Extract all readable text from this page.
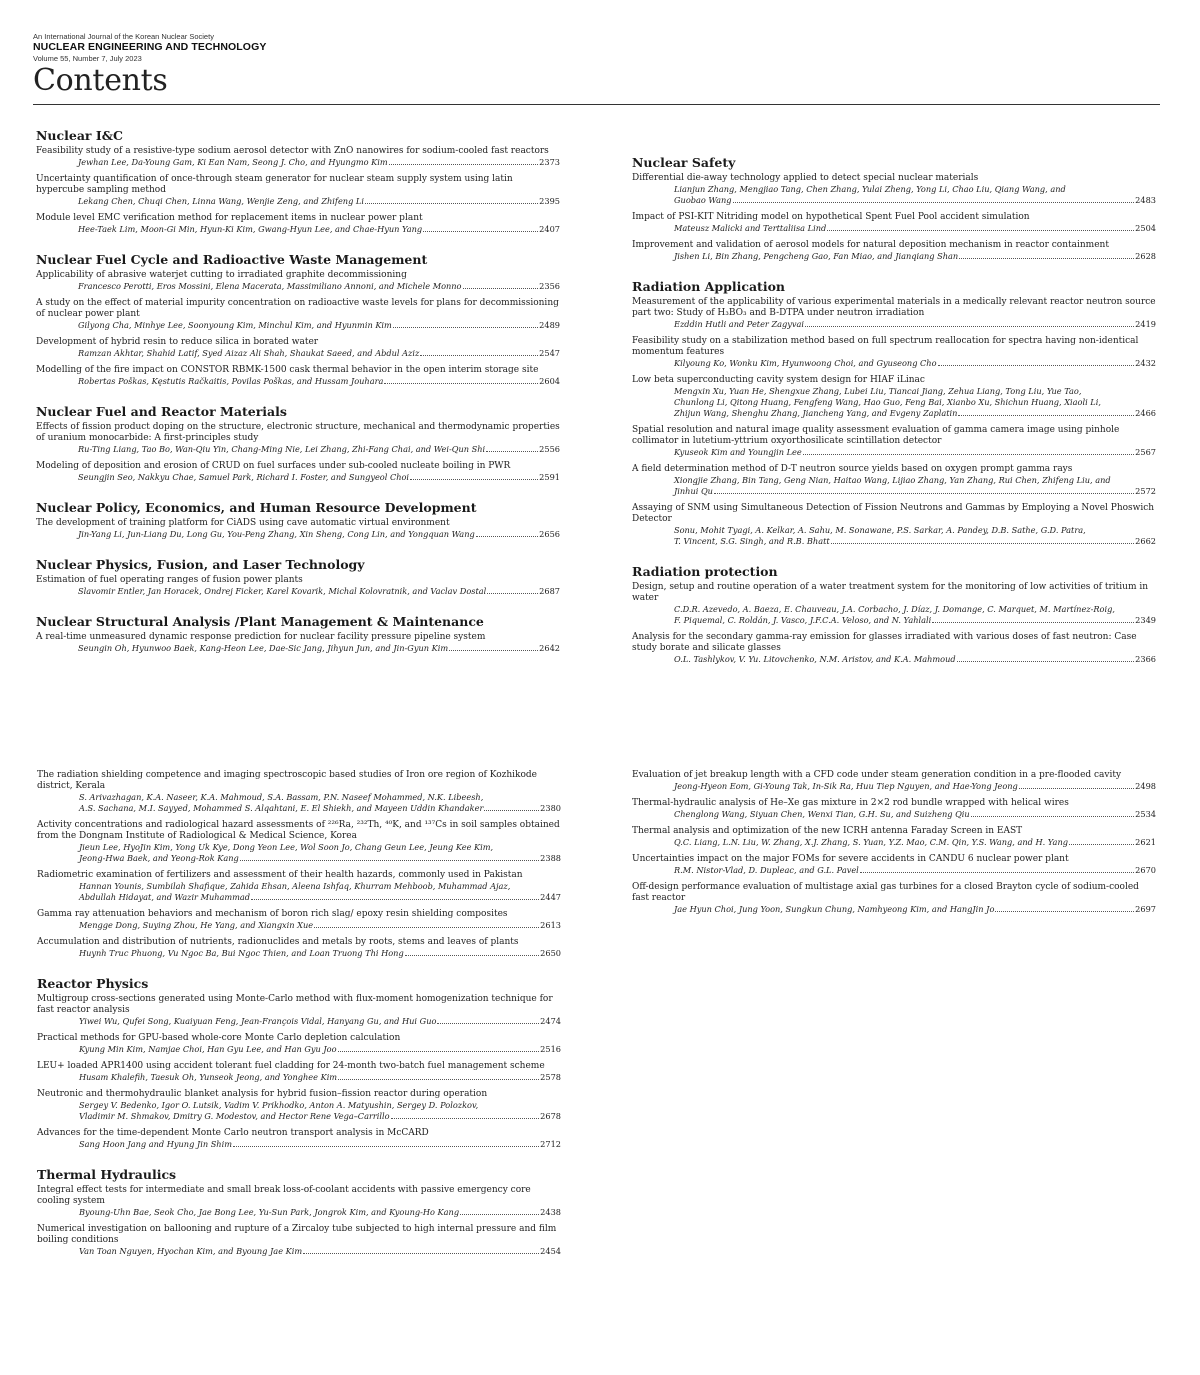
An International Journal of the Korean Nuclear Society
NUCLEAR ENGINEERING AND TECHNOLOGY
Volume 55, Number 7, July 2023
Contents
Nuclear I&C
Feasibility study of a resistive-type sodium aerosol detector with ZnO nanowires for sodium-cooled fast reactors
Jewhan Lee, Da-Young Gam, Ki Ean Nam, Seong J. Cho, and Hyungmo Kim	2373
Uncertainty quantification of once-through steam generator for nuclear steam supply system using latin hypercube sampling method
Lekang Chen, Chuqi Chen, Linna Wang, Wenjie Zeng, and Zhifeng Li	2395
Module level EMC verification method for replacement items in nuclear power plant
Hee-Taek Lim, Moon-Gi Min, Hyun-Ki Kim, Gwang-Hyun Lee, and Chae-Hyun Yang	2407
Nuclear Fuel Cycle and Radioactive Waste Management
Applicability of abrasive waterjet cutting to irradiated graphite decommissioning
Francesco Perotti, Eros Mossini, Elena Macerata, Massimiliano Annoni, and Michele Monno	2356
A study on the effect of material impurity concentration on radioactive waste levels for plans for decommissioning of nuclear power plant
Gilyong Cha, Minhye Lee, Soonyoung Kim, Minchul Kim, and Hyunmin Kim	2489
Development of hybrid resin to reduce silica in borated water
Ramzan Akhtar, Shahid Latif, Syed Aizaz Ali Shah, Shaukat Saeed, and Abdul Aziz	2547
Modelling of the fire impact on CONSTOR RBMK-1500 cask thermal behavior in the open interim storage site
Robertas Poškas, Kęstutis Račkaitis, Povilas Poškas, and Hussam Jouhara	2604
Nuclear Fuel and Reactor Materials
Effects of fission product doping on the structure, electronic structure, mechanical and thermodynamic properties of uranium monocarbide: A first-principles study
Ru-Ting Liang, Tao Bo, Wan-Qiu Yin, Chang-Ming Nie, Lei Zhang, Zhi-Fang Chai, and Wei-Qun Shi	2556
Modeling of deposition and erosion of CRUD on fuel surfaces under sub-cooled nucleate boiling in PWR
Seungjin Seo, Nakkyu Chae, Samuel Park, Richard I. Foster, and Sungyeol Choi	2591
Nuclear Policy, Economics, and Human Resource Development
The development of training platform for CiADS using cave automatic virtual environment
Jin-Yang Li, Jun-Liang Du, Long Gu, You-Peng Zhang, Xin Sheng, Cong Lin, and Yongquan Wang	2656
Nuclear Physics, Fusion, and Laser Technology
Estimation of fuel operating ranges of fusion power plants
Slavomir Entler, Jan Horacek, Ondrej Ficker, Karel Kovarik, Michal Kolovratnik, and Vaclav Dostal	2687
Nuclear Structural Analysis /Plant Management & Maintenance
A real-time unmeasured dynamic response prediction for nuclear facility pressure pipeline system
Seungin Oh, Hyunwoo Baek, Kang-Heon Lee, Dae-Sic Jang, Jihyun Jun, and Jin-Gyun Kim	2642
Nuclear Safety
Differential die-away technology applied to detect special nuclear materials
Lianjun Zhang, Mengjiao Tang, Chen Zhang, Yulai Zheng, Yong Li, Chao Liu, Qiang Wang, and
Guobao Wang	2483
Impact of PSI-KIT Nitriding model on hypothetical Spent Fuel Pool accident simulation
Mateusz Malicki and Terttaliisa Lind	2504
Improvement and validation of aerosol models for natural deposition mechanism in reactor containment
Jishen Li, Bin Zhang, Pengcheng Gao, Fan Miao, and Jianqiang Shan	2628
Radiation Application
Measurement of the applicability of various experimental materials in a medically relevant reactor neutron source part two: Study of H₃BO₃ and B-DTPA under neutron irradiation
Ezddin Hutli and Peter Zagyvai	2419
Feasibility study on a stabilization method based on full spectrum reallocation for spectra having non-identical momentum features
Kilyoung Ko, Wonku Kim, Hyunwoong Choi, and Gyuseong Cho	2432
Low beta superconducting cavity system design for HIAF iLinac
Mengxin Xu, Yuan He, Shengxue Zhang, Lubei Liu, Tiancai Jiang, Zehua Liang, Tong Liu, Yue Tao,
Chunlong Li, Qitong Huang, Fengfeng Wang, Hao Guo, Feng Bai, Xianbo Xu, Shichun Huang, Xiaoli Li,
Zhijun Wang, Shenghu Zhang, Jiancheng Yang, and Evgeny Zaplatin	2466
Spatial resolution and natural image quality assessment evaluation of gamma camera image using pinhole collimator in lutetium-yttrium oxyorthosilicate scintillation detector
Kyuseok Kim and Youngjin Lee	2567
A field determination method of D-T neutron source yields based on oxygen prompt gamma rays
Xiongjie Zhang, Bin Tang, Geng Nian, Haitao Wang, Lijiao Zhang, Yan Zhang, Rui Chen, Zhifeng Liu, and
Jinhui Qu	2572
Assaying of SNM using Simultaneous Detection of Fission Neutrons and Gammas by Employing a Novel Phoswich Detector
Sonu, Mohit Tyagi, A. Kelkar, A. Sahu, M. Sonawane, P.S. Sarkar, A. Pandey, D.B. Sathe, G.D. Patra,
T. Vincent, S.G. Singh, and R.B. Bhatt	2662
Radiation protection
Design, setup and routine operation of a water treatment system for the monitoring of low activities of tritium in water
C.D.R. Azevedo, A. Baeza, E. Chauveau, J.A. Corbacho, J. Díaz, J. Domange, C. Marquet, M. Martínez-Roig,
F. Piquemal, C. Roldán, J. Vasco, J.F.C.A. Veloso, and N. Yahlali	2349
Analysis for the secondary gamma-ray emission for glasses irradiated with various doses of fast neutron: Case study borate and silicate glasses
O.L. Tashlykov, V. Yu. Litovchenko, N.M. Aristov, and K.A. Mahmoud	2366
The radiation shielding competence and imaging spectroscopic based studies of Iron ore region of Kozhikode district, Kerala
S. Arivazhagan, K.A. Naseer, K.A. Mahmoud, S.A. Bassam, P.N. Naseef Mohammed, N.K. Libeesh,
A.S. Sachana, M.I. Sayyed, Mohammed S. Alqahtani, E. El Shiekh, and Mayeen Uddin Khandaker	2380
Activity concentrations and radiological hazard assessments of ²²⁶Ra, ²³²Th, ⁴⁰K, and ¹³⁷Cs in soil samples obtained from the Dongnam Institute of Radiological & Medical Science, Korea
Jieun Lee, HyoJin Kim, Yong Uk Kye, Dong Yeon Lee, Wol Soon Jo, Chang Geun Lee, Jeung Kee Kim,
Jeong-Hwa Baek, and Yeong-Rok Kang	2388
Radiometric examination of fertilizers and assessment of their health hazards, commonly used in Pakistan
Hannan Younis, Sumbilah Shafique, Zahida Ehsan, Aleena Ishfaq, Khurram Mehboob, Muhammad Ajaz,
Abdullah Hidayat, and Wazir Muhammad	2447
Gamma ray attenuation behaviors and mechanism of boron rich slag/ epoxy resin shielding composites
Mengge Dong, Suying Zhou, He Yang, and Xiangxin Xue	2613
Accumulation and distribution of nutrients, radionuclides and metals by roots, stems and leaves of plants
Huynh Truc Phuong, Vu Ngoc Ba, Bui Ngoc Thien, and Loan Truong Thi Hong	2650
Reactor Physics
Multigroup cross-sections generated using Monte-Carlo method with flux-moment homogenization technique for fast reactor analysis
Yiwei Wu, Qufei Song, Kuaiyuan Feng, Jean-François Vidal, Hanyang Gu, and Hui Guo	2474
Practical methods for GPU-based whole-core Monte Carlo depletion calculation
Kyung Min Kim, Namjae Choi, Han Gyu Lee, and Han Gyu Joo	2516
LEU+ loaded APR1400 using accident tolerant fuel cladding for 24-month two-batch fuel management scheme
Husam Khalefih, Taesuk Oh, Yunseok Jeong, and Yonghee Kim	2578
Neutronic and thermohydraulic blanket analysis for hybrid fusion–fission reactor during operation
Sergey V. Bedenko, Igor O. Lutsik, Vadim V. Prikhodko, Anton A. Matyushin, Sergey D. Polozkov,
Vladimir M. Shmakov, Dmitry G. Modestov, and Hector Rene Vega–Carrillo	2678
Advances for the time-dependent Monte Carlo neutron transport analysis in McCARD
Sang Hoon Jang and Hyung Jin Shim	2712
Thermal Hydraulics
Integral effect tests for intermediate and small break loss-of-coolant accidents with passive emergency core cooling system
Byoung-Uhn Bae, Seok Cho, Jae Bong Lee, Yu-Sun Park, Jongrok Kim, and Kyoung-Ho Kang	2438
Numerical investigation on ballooning and rupture of a Zircaloy tube subjected to high internal pressure and film boiling conditions
Van Toan Nguyen, Hyochan Kim, and Byoung Jae Kim	2454
Evaluation of jet breakup length with a CFD code under steam generation condition in a pre-flooded cavity
Jeong-Hyeon Eom, Gi-Young Tak, In-Sik Ra, Huu Tiep Nguyen, and Hae-Yong Jeong	2498
Thermal-hydraulic analysis of He–Xe gas mixture in 2×2 rod bundle wrapped with helical wires
Chenglong Wang, Siyuan Chen, Wenxi Tian, G.H. Su, and Suizheng Qiu	2534
Thermal analysis and optimization of the new ICRH antenna Faraday Screen in EAST
Q.C. Liang, L.N. Liu, W. Zhang, X.J. Zhang, S. Yuan, Y.Z. Mao, C.M. Qin, Y.S. Wang, and H. Yang	2621
Uncertainties impact on the major FOMs for severe accidents in CANDU 6 nuclear power plant
R.M. Nistor-Vlad, D. Dupleac, and G.L. Pavel	2670
Off-design performance evaluation of multistage axial gas turbines for a closed Brayton cycle of sodium-cooled fast reactor
Jae Hyun Choi, Jung Yoon, Sungkun Chung, Namhyeong Kim, and HangJin Jo	2697
